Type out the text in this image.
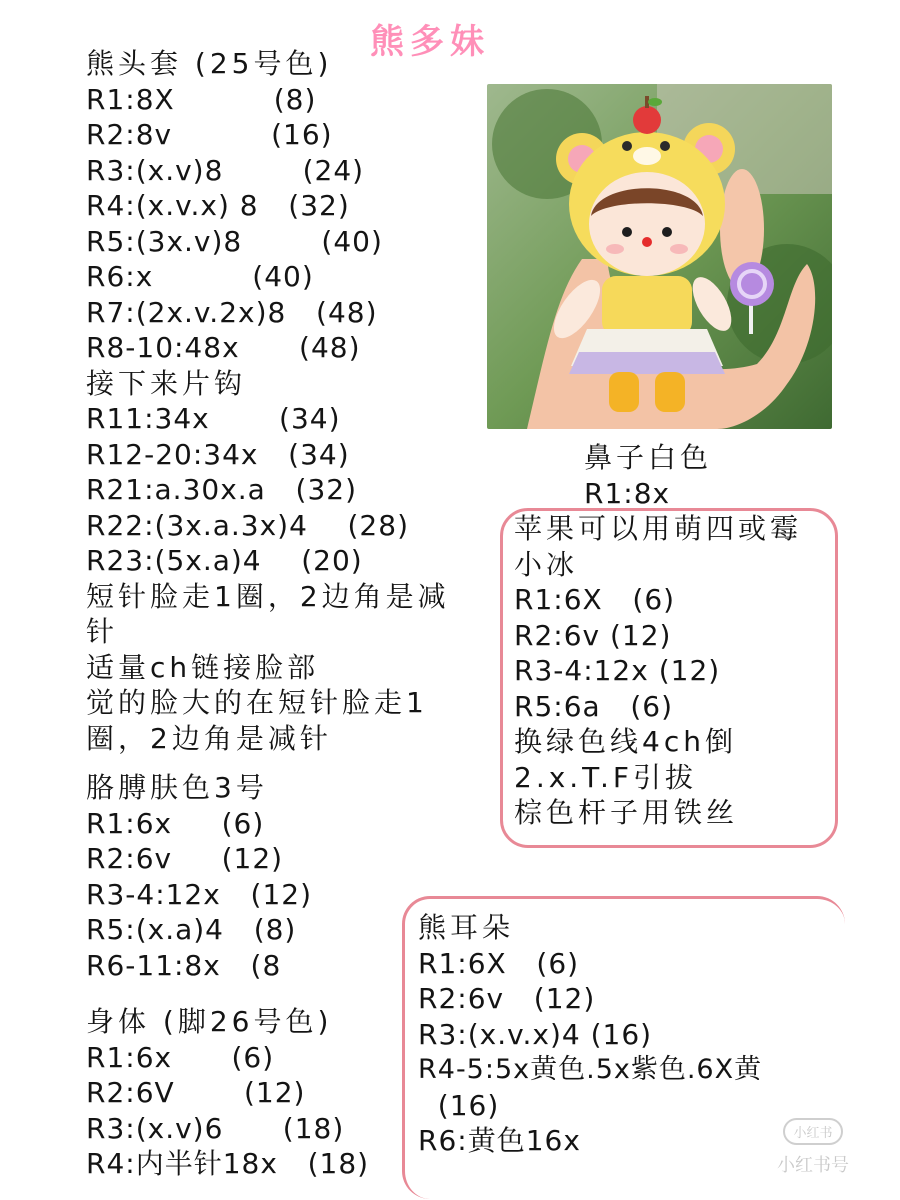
熊多妹
熊头套 (25号色)
R1:8X          (8)
R2:8v          (16)
R3:(x.v)8        (24)
R4:(x.v.x) 8   (32)
R5:(3x.v)8        (40)
R6:x          (40)
R7:(2x.v.2x)8   (48)
R8-10:48x      (48)
接下来片钩
R11:34x       (34)
R12-20:34x   (34)
R21:a.30x.a   (32)
R22:(3x.a.3x)4    (28)
R23:(5x.a)4    (20)
短针脸走1圈，2边角是减针
适量ch链接脸部
觉的脸大的在短针脸走1圈，2边角是减针
胳膊肤色3号
R1:6x     (6)
R2:6v     (12)
R3-4:12x   (12)
R5:(x.a)4   (8)
R6-11:8x   (8
身体 (脚26号色)
R1:6x      (6)
R2:6V       (12)
R3:(x.v)6      (18)
R4:内半针18x   (18)
鼻子白色
R1:8x
苹果可以用萌四或霉小冰
R1:6X   (6)
R2:6v (12)
R3-4:12x (12)
R5:6a   (6)
换绿色线4ch倒
2.x.T.F引拔
棕色杆子用铁丝
熊耳朵
R1:6X   (6)
R2:6v   (12)
R3:(x.v.x)4 (16)
R4-5:5x黄色.5x紫色.6X黄
(16)
R6:黄色16x	小红书
小红书号
